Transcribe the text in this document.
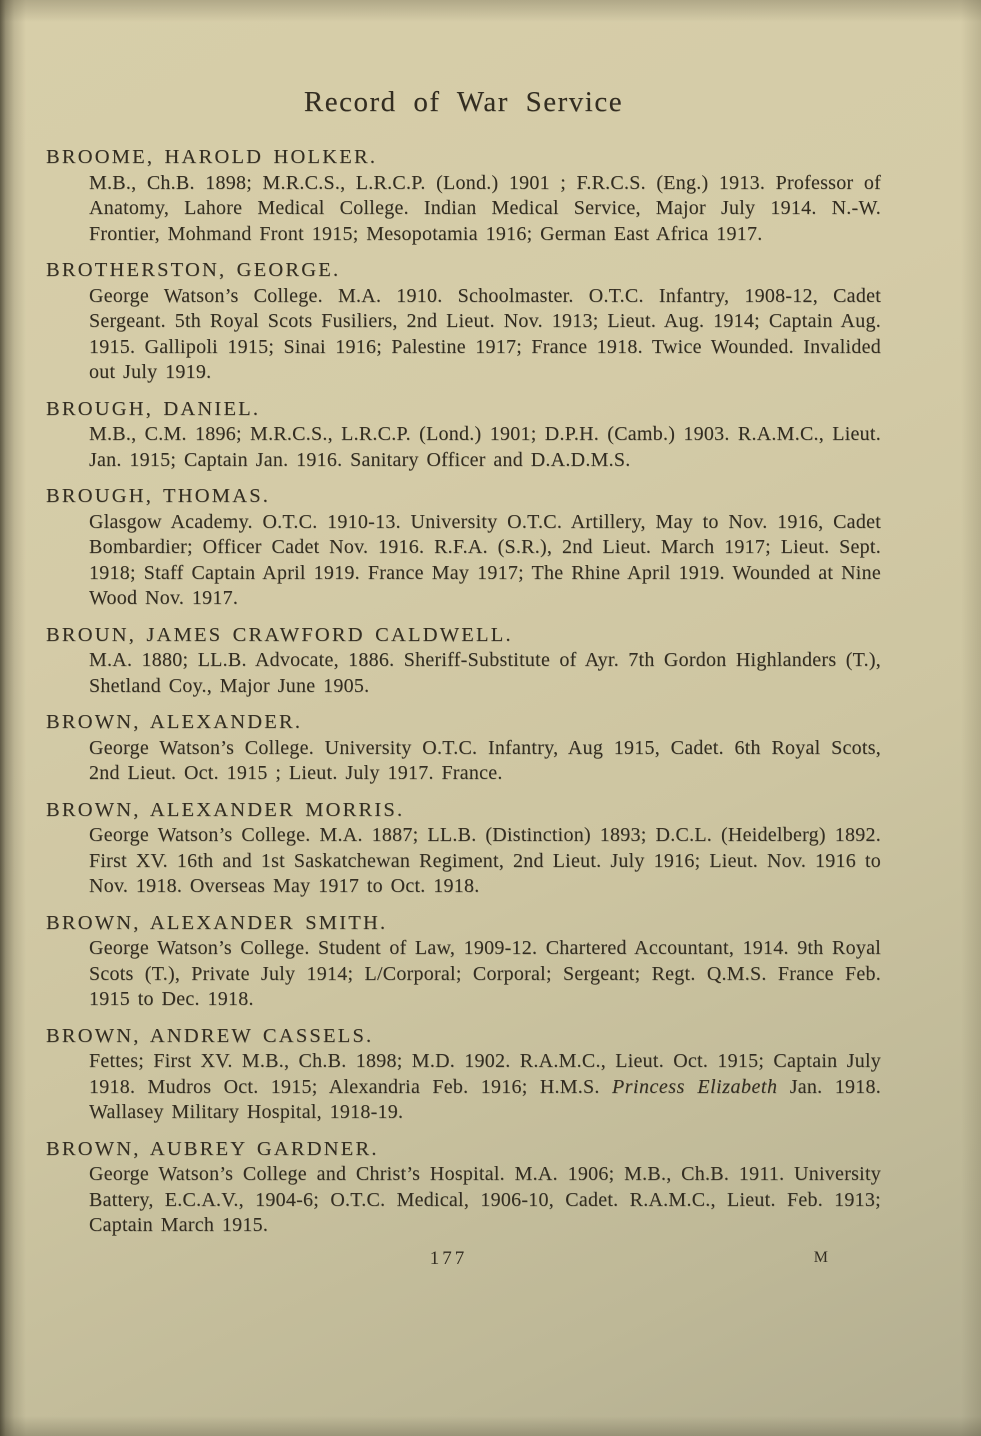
Record of War Service
BROOME, HAROLD HOLKER.

M.B., Ch.B. 1898; M.R.C.S., L.R.C.P. (Lond.) 1901 ; F.R.C.S. (Eng.) 1913. Professor of Anatomy, Lahore Medical College. Indian Medical Service, Major July 1914. N.-W. Frontier, Mohmand Front 1915; Mesopotamia 1916; German East Africa 1917.

BROTHERSTON, GEORGE.

George Watson’s College. M.A. 1910. Schoolmaster. O.T.C. Infantry, 1908-12, Cadet Sergeant. 5th Royal Scots Fusiliers, 2nd Lieut. Nov. 1913; Lieut. Aug. 1914; Captain Aug. 1915. Gallipoli 1915; Sinai 1916; Palestine 1917; France 1918. Twice Wounded. Invalided out July 1919.

BROUGH, DANIEL.

M.B., C.M. 1896; M.R.C.S., L.R.C.P. (Lond.) 1901; D.P.H. (Camb.) 1903. R.A.M.C., Lieut. Jan. 1915; Captain Jan. 1916. Sanitary Officer and D.A.D.M.S.

BROUGH, THOMAS.

Glasgow Academy. O.T.C. 1910-13. University O.T.C. Artillery, May to Nov. 1916, Cadet Bombardier; Officer Cadet Nov. 1916. R.F.A. (S.R.), 2nd Lieut. March 1917; Lieut. Sept. 1918; Staff Captain April 1919. France May 1917; The Rhine April 1919. Wounded at Nine Wood Nov. 1917.

BROUN, JAMES CRAWFORD CALDWELL.

M.A. 1880; LL.B. Advocate, 1886. Sheriff-Substitute of Ayr. 7th Gordon Highlanders (T.), Shetland Coy., Major June 1905.

BROWN, ALEXANDER.

George Watson’s College. University O.T.C. Infantry, Aug 1915, Cadet. 6th Royal Scots, 2nd Lieut. Oct. 1915 ; Lieut. July 1917. France.

BROWN, ALEXANDER MORRIS.

George Watson’s College. M.A. 1887; LL.B. (Distinction) 1893; D.C.L. (Heidelberg) 1892. First XV. 16th and 1st Saskatchewan Regiment, 2nd Lieut. July 1916; Lieut. Nov. 1916 to Nov. 1918. Overseas May 1917 to Oct. 1918.

BROWN, ALEXANDER SMITH.

George Watson’s College. Student of Law, 1909-12. Chartered Accountant, 1914. 9th Royal Scots (T.), Private July 1914; L/Corporal; Corporal; Sergeant; Regt. Q.M.S. France Feb. 1915 to Dec. 1918.

BROWN, ANDREW CASSELS.

Fettes; First XV. M.B., Ch.B. 1898; M.D. 1902. R.A.M.C., Lieut. Oct. 1915; Captain July 1918. Mudros Oct. 1915; Alexandria Feb. 1916; H.M.S. Princess Elizabeth Jan. 1918. Wallasey Military Hospital, 1918-19.

BROWN, AUBREY GARDNER.

George Watson’s College and Christ’s Hospital. M.A. 1906; M.B., Ch.B. 1911. University Battery, E.C.A.V., 1904-6; O.T.C. Medical, 1906-10, Cadet. R.A.M.C., Lieut. Feb. 1913; Captain March 1915.

177	M
